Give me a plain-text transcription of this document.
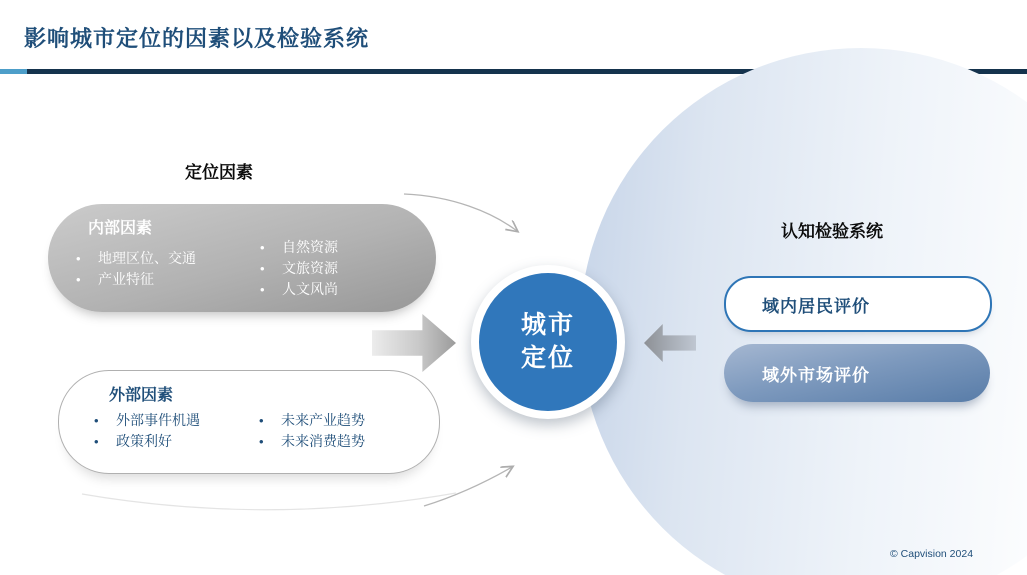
影响城市定位的因素以及检验系统
定位因素
内部因素
• 地理区位、交通
• 产业特征
• 自然资源
• 文旅资源
• 人文风尚
外部因素
• 外部事件机遇
• 政策利好
• 未来产业趋势
• 未来消费趋势
城市
定位
认知检验系统
域内居民评价
域外市场评价
© Capvision 2024
